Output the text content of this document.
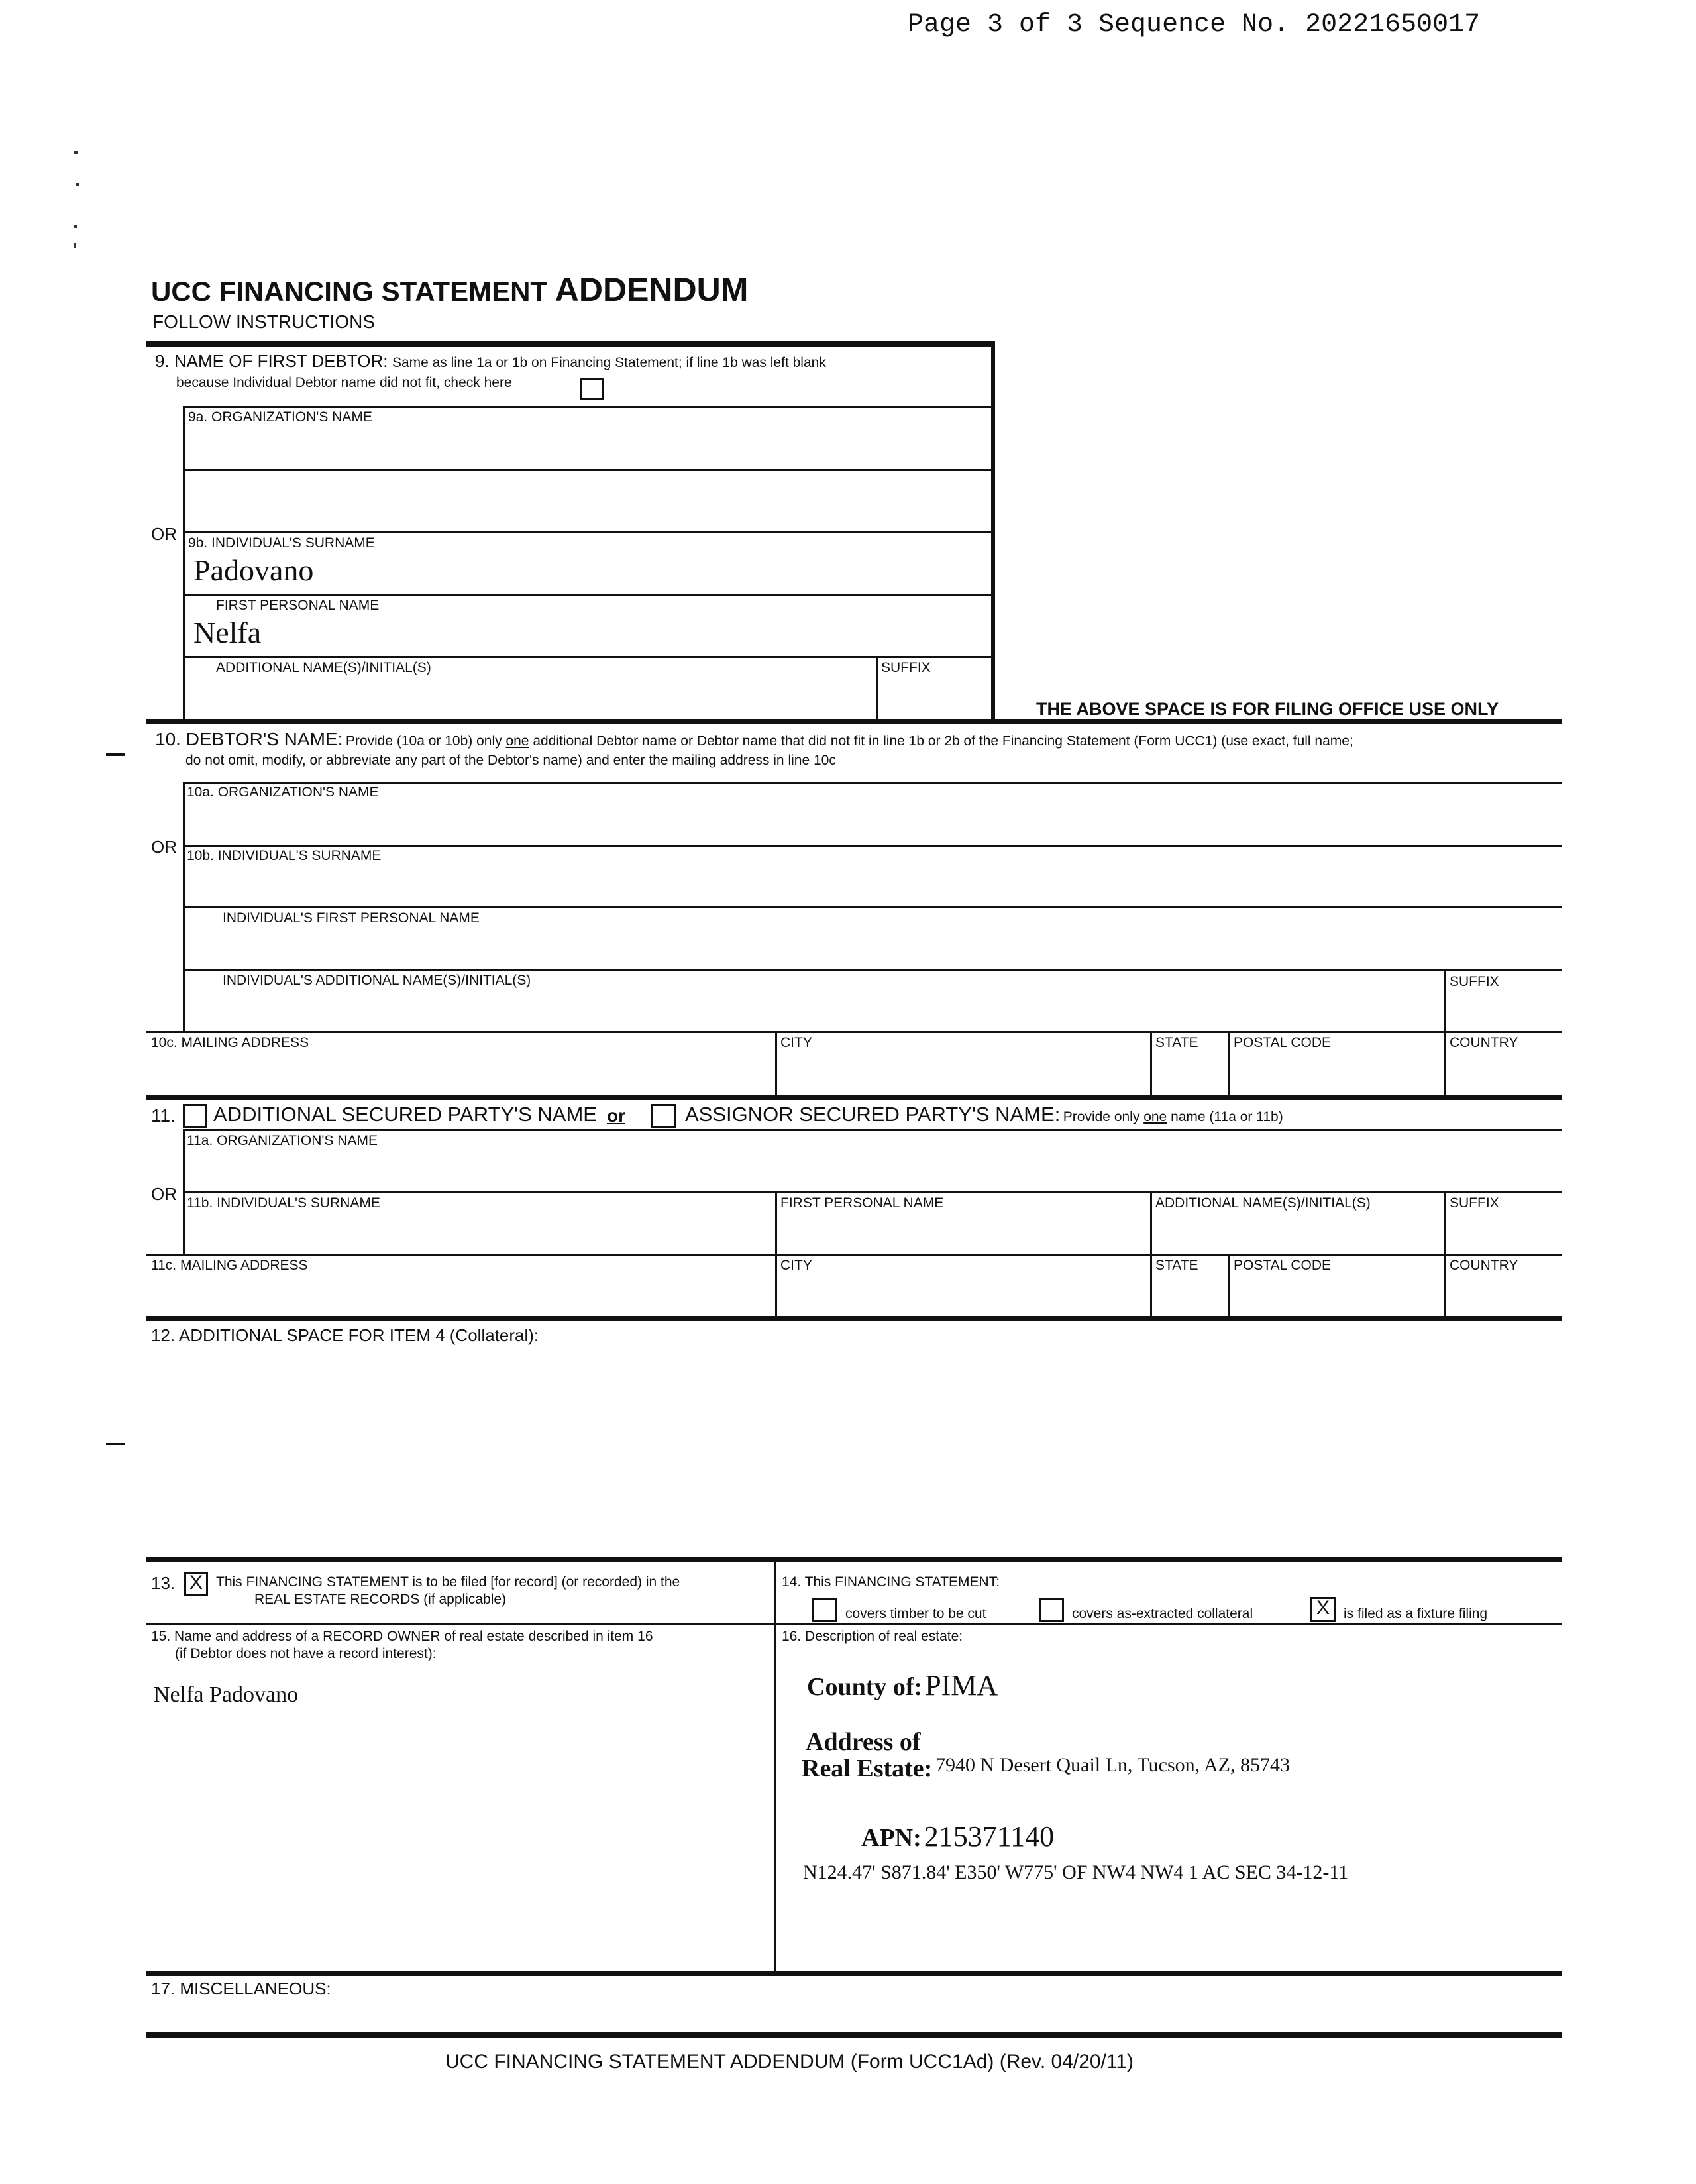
Page 3 of 3 Sequence No. 20221650017
UCC FINANCING STATEMENT ADDENDUM
FOLLOW INSTRUCTIONS
9. NAME OF FIRST DEBTOR: Same as line 1a or 1b on Financing Statement; if line 1b was left blank
because Individual Debtor name did not fit, check here
9a. ORGANIZATION'S NAME
OR 9b. INDIVIDUAL'S SURNAME
Padovano
FIRST PERSONAL NAME
Nelfa
ADDITIONAL NAME(S)/INITIAL(S)	SUFFIX
THE ABOVE SPACE IS FOR FILING OFFICE USE ONLY
10. DEBTOR'S NAME: Provide (10a or 10b) only one additional Debtor name or Debtor name that did not fit in line 1b or 2b of the Financing Statement (Form UCC1) (use exact, full name;
do not omit, modify, or abbreviate any part of the Debtor's name) and enter the mailing address in line 10c
10a. ORGANIZATION'S NAME
OR 10b. INDIVIDUAL'S SURNAME
INDIVIDUAL'S FIRST PERSONAL NAME
INDIVIDUAL'S ADDITIONAL NAME(S)/INITIAL(S)	SUFFIX
10c. MAILING ADDRESS	CITY	STATE	POSTAL CODE	COUNTRY
11. ADDITIONAL SECURED PARTY'S NAME or	ASSIGNOR SECURED PARTY'S NAME: Provide only one name (11a or 11b)
11a. ORGANIZATION'S NAME
OR 11b. INDIVIDUAL'S SURNAME	FIRST PERSONAL NAME	ADDITIONAL NAME(S)/INITIAL(S)	SUFFIX
11c. MAILING ADDRESS	CITY	STATE	POSTAL CODE	COUNTRY
12. ADDITIONAL SPACE FOR ITEM 4 (Collateral):
13. X This FINANCING STATEMENT is to be filed [for record] (or recorded) in the
REAL ESTATE RECORDS (if applicable)
14. This FINANCING STATEMENT:
covers timber to be cut	covers as-extracted collateral	X	is filed as a fixture filing
15. Name and address of a RECORD OWNER of real estate described in item 16
(if Debtor does not have a record interest):
Nelfa Padovano
16. Description of real estate:
County of: PIMA
Address of
Real Estate: 7940 N Desert Quail Ln, Tucson, AZ, 85743
APN: 215371140
N124.47' S871.84' E350' W775' OF NW4 NW4 1 AC SEC 34-12-11
17. MISCELLANEOUS:
UCC FINANCING STATEMENT ADDENDUM (Form UCC1Ad) (Rev. 04/20/11)
